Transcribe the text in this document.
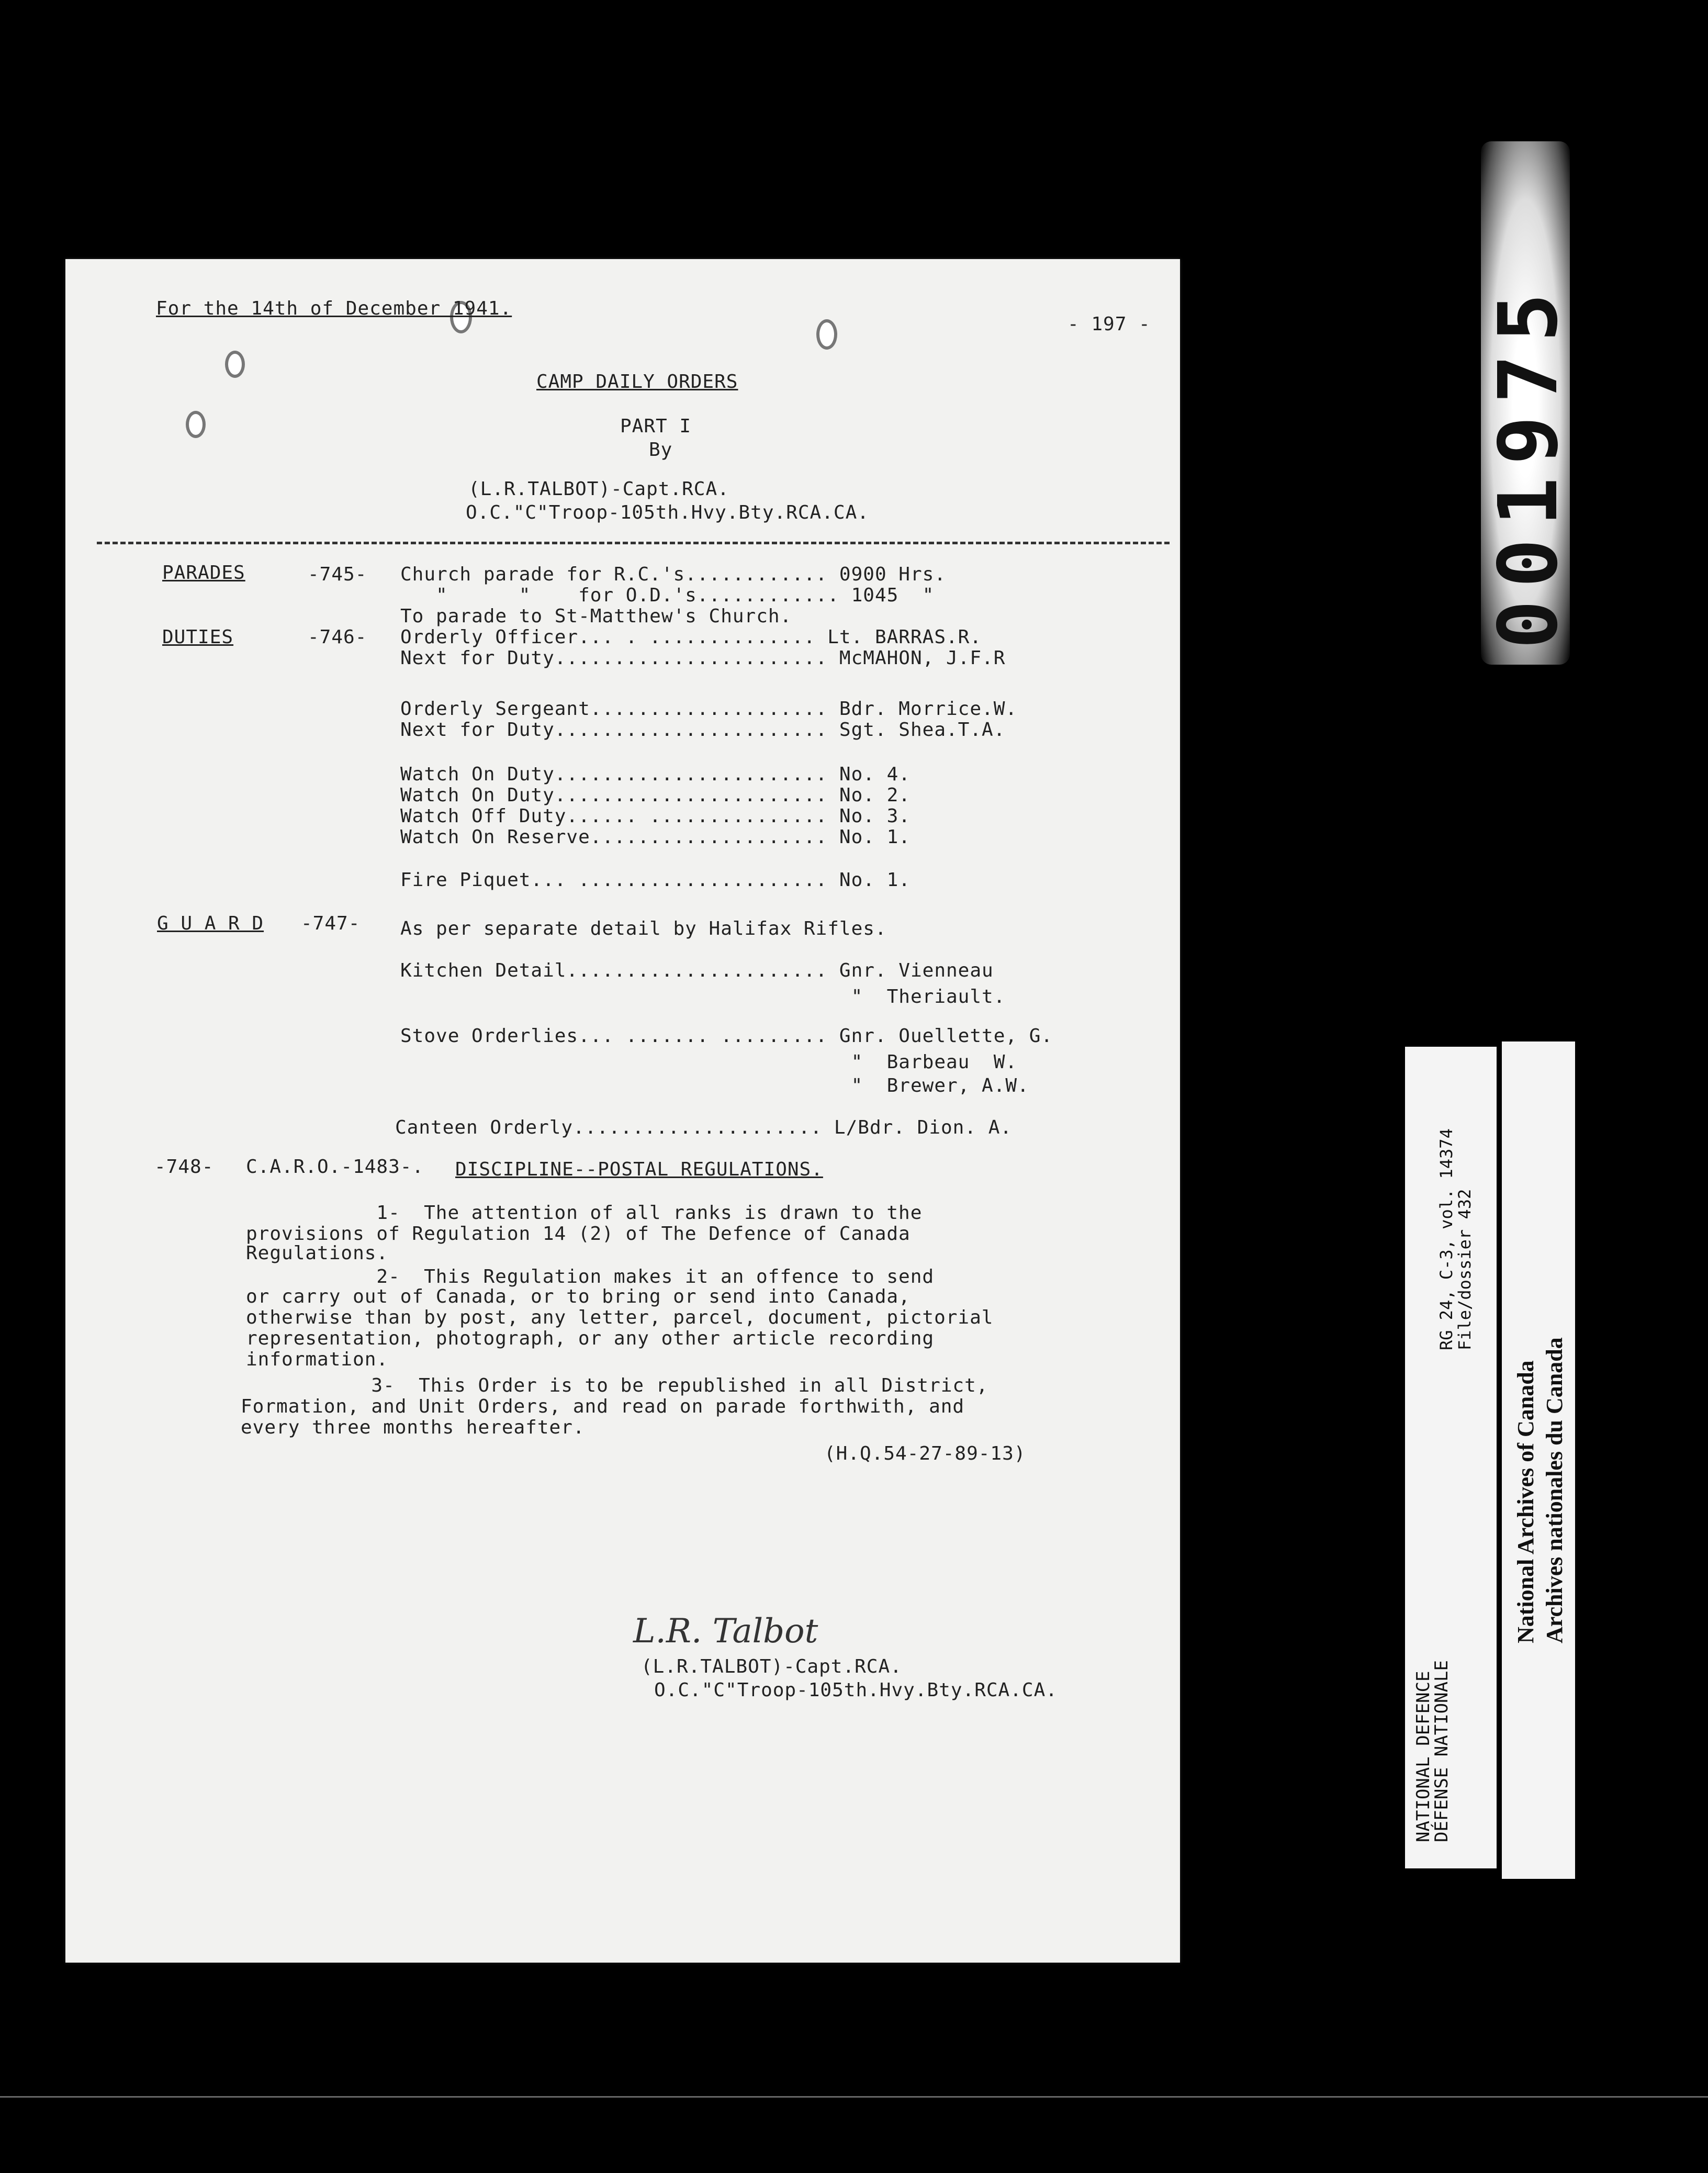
For the 14th of December 1941.
- 197 -
CAMP DAILY ORDERS
PART I
By
(L.R.TALBOT)-Capt.RCA.
O.C."C"Troop-105th.Hvy.Bty.RCA.CA.
PARADES	-745- Church parade for R.C.'s............ 0900 Hrs.
"      "    for O.D.'s............ 1045  "
To parade to St-Matthew's Church.
DUTIES	-746- Orderly Officer... . .............. Lt. BARRAS.R.
Next for Duty....................... McMAHON, J.F.R
Orderly Sergeant.................... Bdr. Morrice.W.
Next for Duty....................... Sgt. Shea.T.A.
Watch On Duty....................... No. 4.
Watch On Duty....................... No. 2.
Watch Off Duty...... ............... No. 3.
Watch On Reserve.................... No. 1.
Fire Piquet... ..................... No. 1.
G U A R D -747- As per separate detail by Halifax Rifles.
Kitchen Detail...................... Gnr. Vienneau
"  Theriault.
Stove Orderlies... ....... ......... Gnr. Ouellette, G.
"  Barbeau  W.
"  Brewer, A.W.
Canteen Orderly..................... L/Bdr. Dion. A.
-748- C.A.R.O.-1483-. DISCIPLINE--POSTAL REGULATIONS.
1-  The attention of all ranks is drawn to the
provisions of Regulation 14 (2) of The Defence of Canada
Regulations.
2-  This Regulation makes it an offence to send
or carry out of Canada, or to bring or send into Canada,
otherwise than by post, any letter, parcel, document, pictorial
representation, photograph, or any other article recording
information.
3-  This Order is to be republished in all District,
Formation, and Unit Orders, and read on parade forthwith, and
every three months hereafter.
(H.Q.54-27-89-13)
L.R. Talbot
(L.R.TALBOT)-Capt.RCA.
O.C."C"Troop-105th.Hvy.Bty.RCA.CA.
001975
NATIONAL DEFENCE
DÉFENSE NATIONALE
RG 24, C-3, vol. 14374
File/dossier 432
National Archives of Canada Archives nationales du Canada
